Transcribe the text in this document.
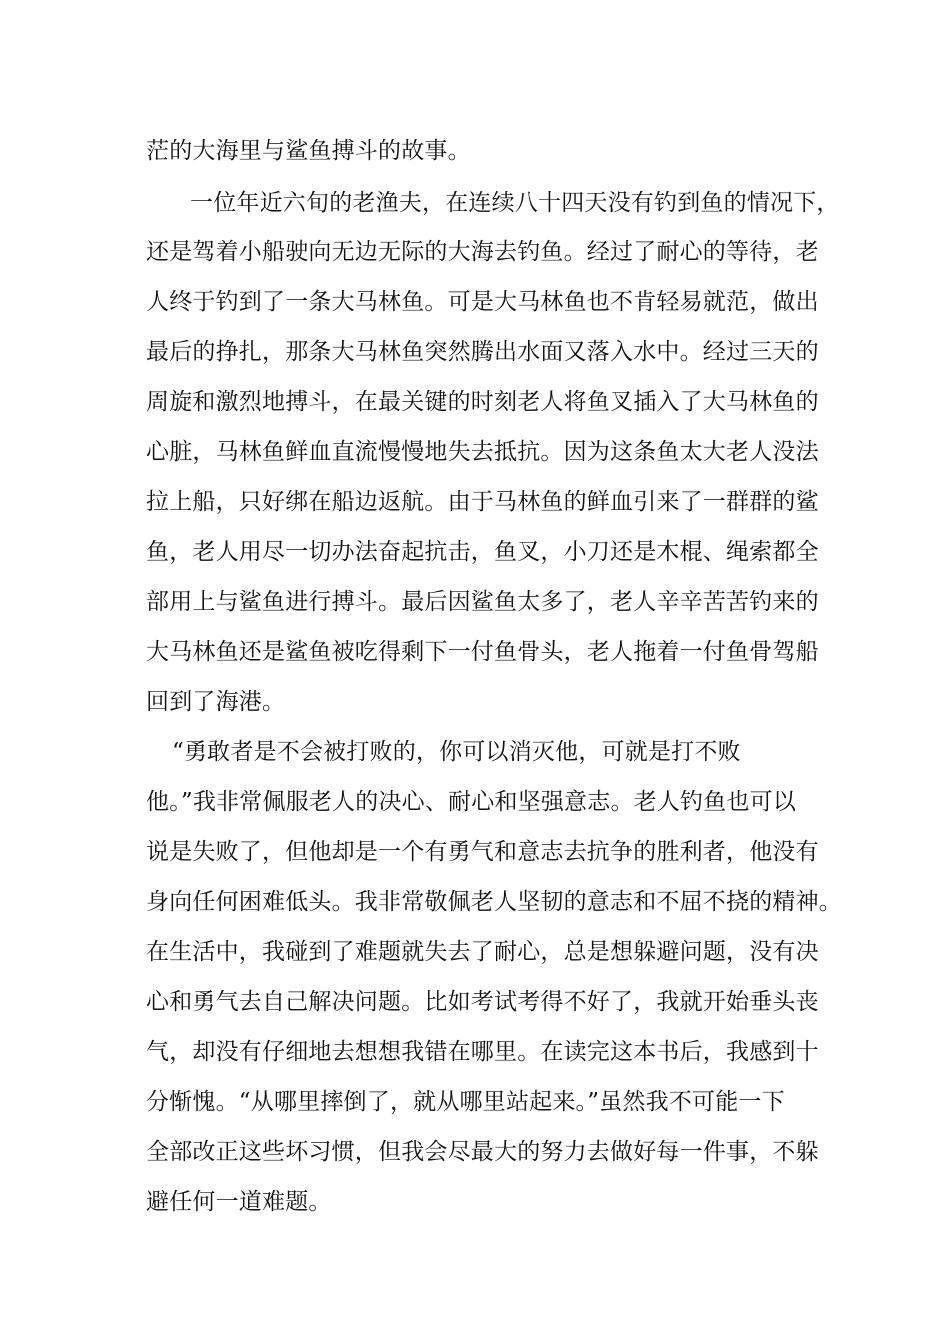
茫的大海里与鲨鱼搏斗的故事。
一位年近六旬的老渔夫，在连续八十四天没有钓到鱼的情况下，
还是驾着小船驶向无边无际的大海去钓鱼。经过了耐心的等待，老
人终于钓到了一条大马林鱼。可是大马林鱼也不肯轻易就范，做出
最后的挣扎，那条大马林鱼突然腾出水面又落入水中。经过三天的
周旋和激烈地搏斗，在最关键的时刻老人将鱼叉插入了大马林鱼的
心脏，马林鱼鲜血直流慢慢地失去抵抗。因为这条鱼太大老人没法
拉上船，只好绑在船边返航。由于马林鱼的鲜血引来了一群群的鲨
鱼，老人用尽一切办法奋起抗击，鱼叉，小刀还是木棍、绳索都全
部用上与鲨鱼进行搏斗。最后因鲨鱼太多了，老人辛辛苦苦钓来的
大马林鱼还是鲨鱼被吃得剩下一付鱼骨头，老人拖着一付鱼骨驾船
回到了海港。
“勇敢者是不会被打败的，你可以消灭他，可就是打不败
他。”我非常佩服老人的决心、耐心和坚强意志。老人钓鱼也可以
说是失败了，但他却是一个有勇气和意志去抗争的胜利者，他没有
身向任何困难低头。我非常敬佩老人坚韧的意志和不屈不挠的精神。
在生活中，我碰到了难题就失去了耐心，总是想躲避问题，没有决
心和勇气去自己解决问题。比如考试考得不好了，我就开始垂头丧
气，却没有仔细地去想想我错在哪里。在读完这本书后，我感到十
分惭愧。“从哪里摔倒了，就从哪里站起来。”虽然我不可能一下
全部改正这些坏习惯，但我会尽最大的努力去做好每一件事，不躲
避任何一道难题。
